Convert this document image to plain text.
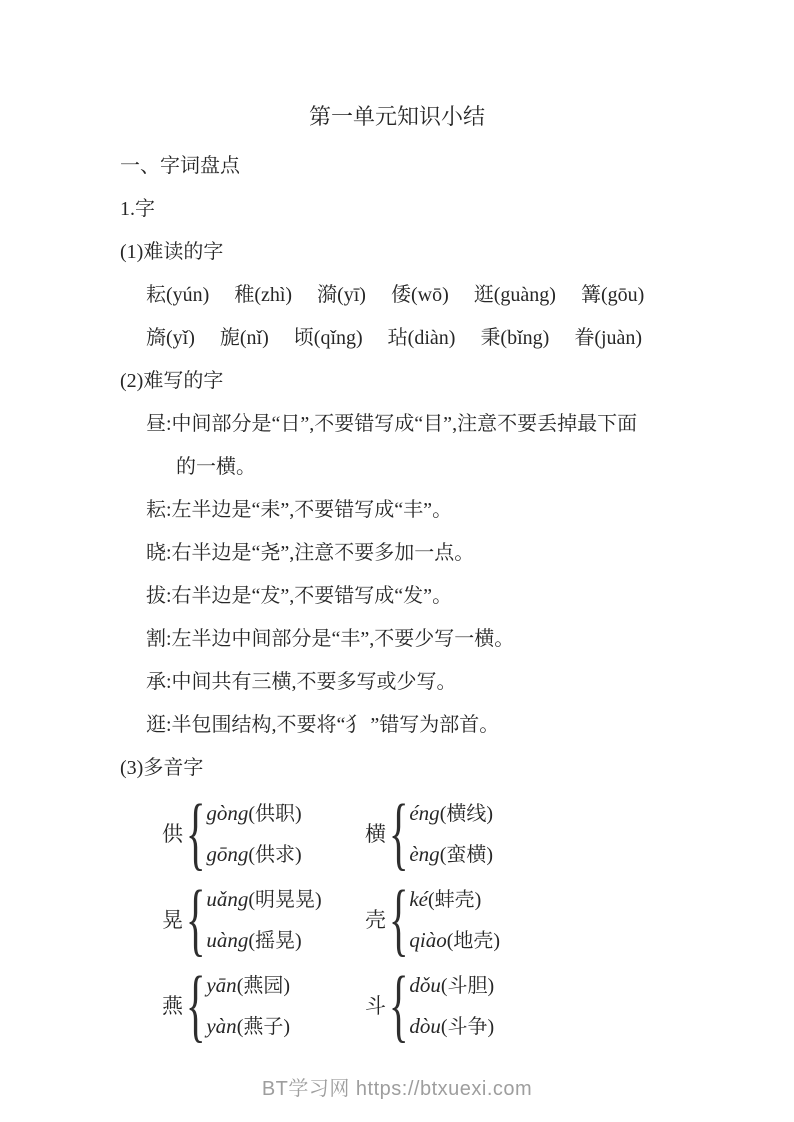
第一单元知识小结
一、字词盘点
1.字
(1)难读的字
耘(yún) 稚(zhì) 漪(yī) 倭(wō) 逛(guàng) 篝(gōu)
旖(yǐ) 旎(nǐ) 顷(qǐng) 玷(diàn) 秉(bǐng) 眷(juàn)
(2)难写的字
昼:中间部分是“日”,不要错写成“目”,注意不要丢掉最下面
的一横。
耘:左半边是“耒”,不要错写成“丰”。
晓:右半边是“尧”,注意不要多加一点。
拔:右半边是“犮”,不要错写成“发”。
割:左半边中间部分是“丰”,不要少写一横。
承:中间共有三横,不要多写或少写。
逛:半包围结构,不要将“犭 ”错写为部首。
(3)多音字
供 { gòng(供职)
gōng(供求)
横 { éng(横线)
èng(蛮横)
晃 { uǎng(明晃晃)
uàng(摇晃)
壳 { ké(蚌壳)
qiào(地壳)
燕 { yān(燕园)
yàn(燕子)
斗 { dǒu(斗胆)
dòu(斗争)
BT学习网 https://btxuexi.com
